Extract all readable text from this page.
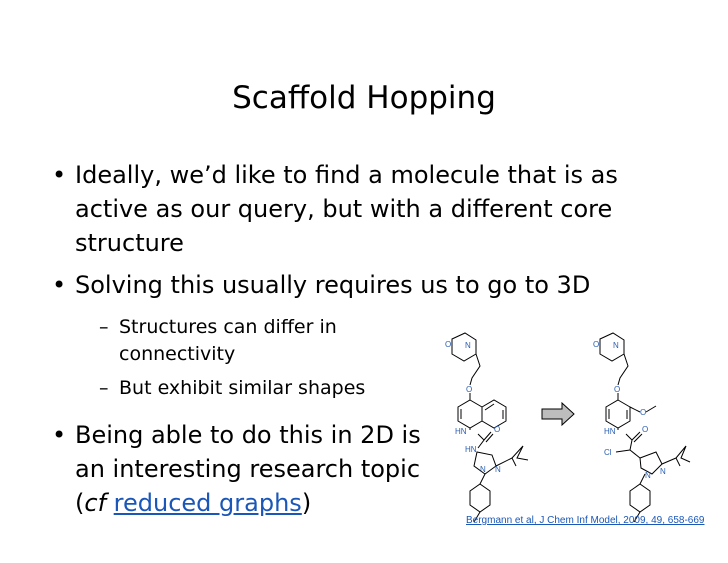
Scaffold Hopping
• Ideally, we’d like to find a molecule that is as
active as our query, but with a different core
structure
• Solving this usually requires us to go to 3D
– Structures can differ in
connectivity
– But exhibit similar shapes
• Being able to do this in 2D is
an interesting research topic
(cf reduced graphs)
O N
O
HN	O
HN
N N
O N
O
O
HN	O
Cl
N N
Bergmann et al, J Chem Inf Model, 2009, 49, 658-669
